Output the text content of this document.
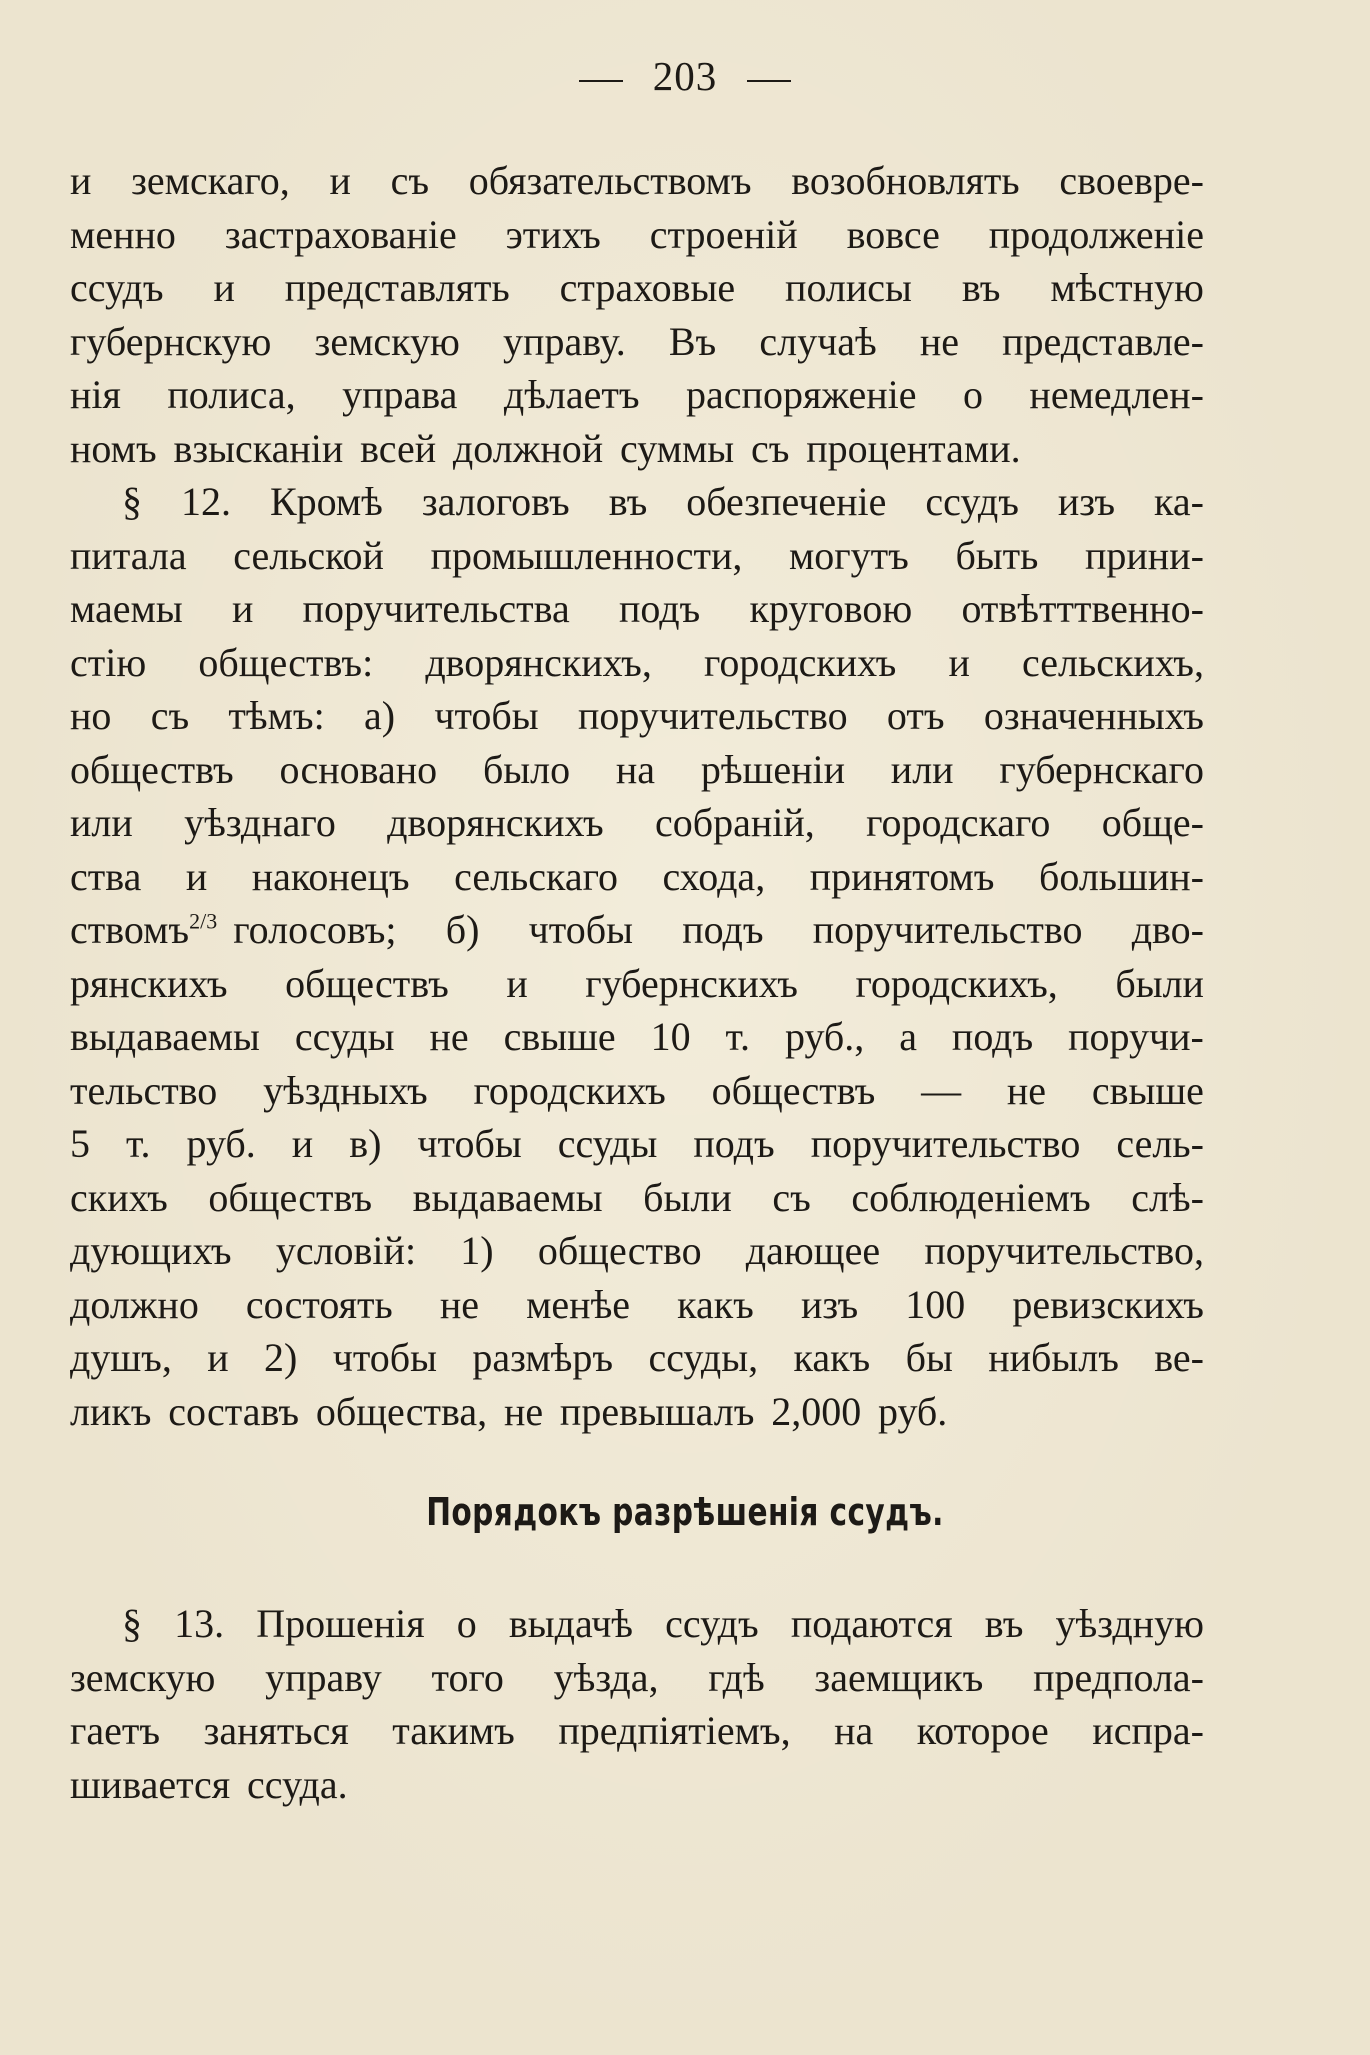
203
и земскаго, и съ обязательствомъ возобновлять своевре-
менно застрахованіе этихъ строеній вовсе продолженіе
ссудъ и представлять страховые полисы въ мѣстную
губернскую земскую управу. Въ случаѣ не представле-
нія полиса, управа дѣлаетъ распоряженіе о немедлен-
номъ взысканіи всей должной суммы съ процентами.
§ 12. Кромѣ залоговъ въ обезпеченіе ссудъ изъ ка-
питала сельской промышленности, могутъ быть прини-
маемы и поручительства подъ круговою отвѣтттвенно-
стію обществъ: дворянскихъ, городскихъ и сельскихъ,
но съ тѣмъ: а) чтобы поручительство отъ означенныхъ
обществъ основано было на рѣшеніи или губернскаго
или уѣзднаго дворянскихъ собраній, городскаго обще-
ства и наконецъ сельскаго схода, принятомъ большин-
ствомъ $^{2/3}$ голосовъ; б) чтобы подъ поручительство дво-
рянскихъ обществъ и губернскихъ городскихъ, были
выдаваемы ссуды не свыше 10 т. руб., а подъ поручи-
тельство уѣздныхъ городскихъ обществъ — не свыше
5 т. руб. и в) чтобы ссуды подъ поручительство сель-
скихъ обществъ выдаваемы были съ соблюденіемъ слѣ-
дующихъ условій: 1) общество дающее поручительство,
должно состоять не менѣе какъ изъ 100 ревизскихъ
душъ, и 2) чтобы размѣръ ссуды, какъ бы нибылъ ве-
ликъ составъ общества, не превышалъ 2,000 руб.
Порядокъ разрѣшенія ссудъ.
§ 13. Прошенія о выдачѣ ссудъ подаются въ уѣздную
земскую управу того уѣзда, гдѣ заемщикъ предпола-
гаетъ заняться такимъ предпіятіемъ, на которое испра-
шивается ссуда.
